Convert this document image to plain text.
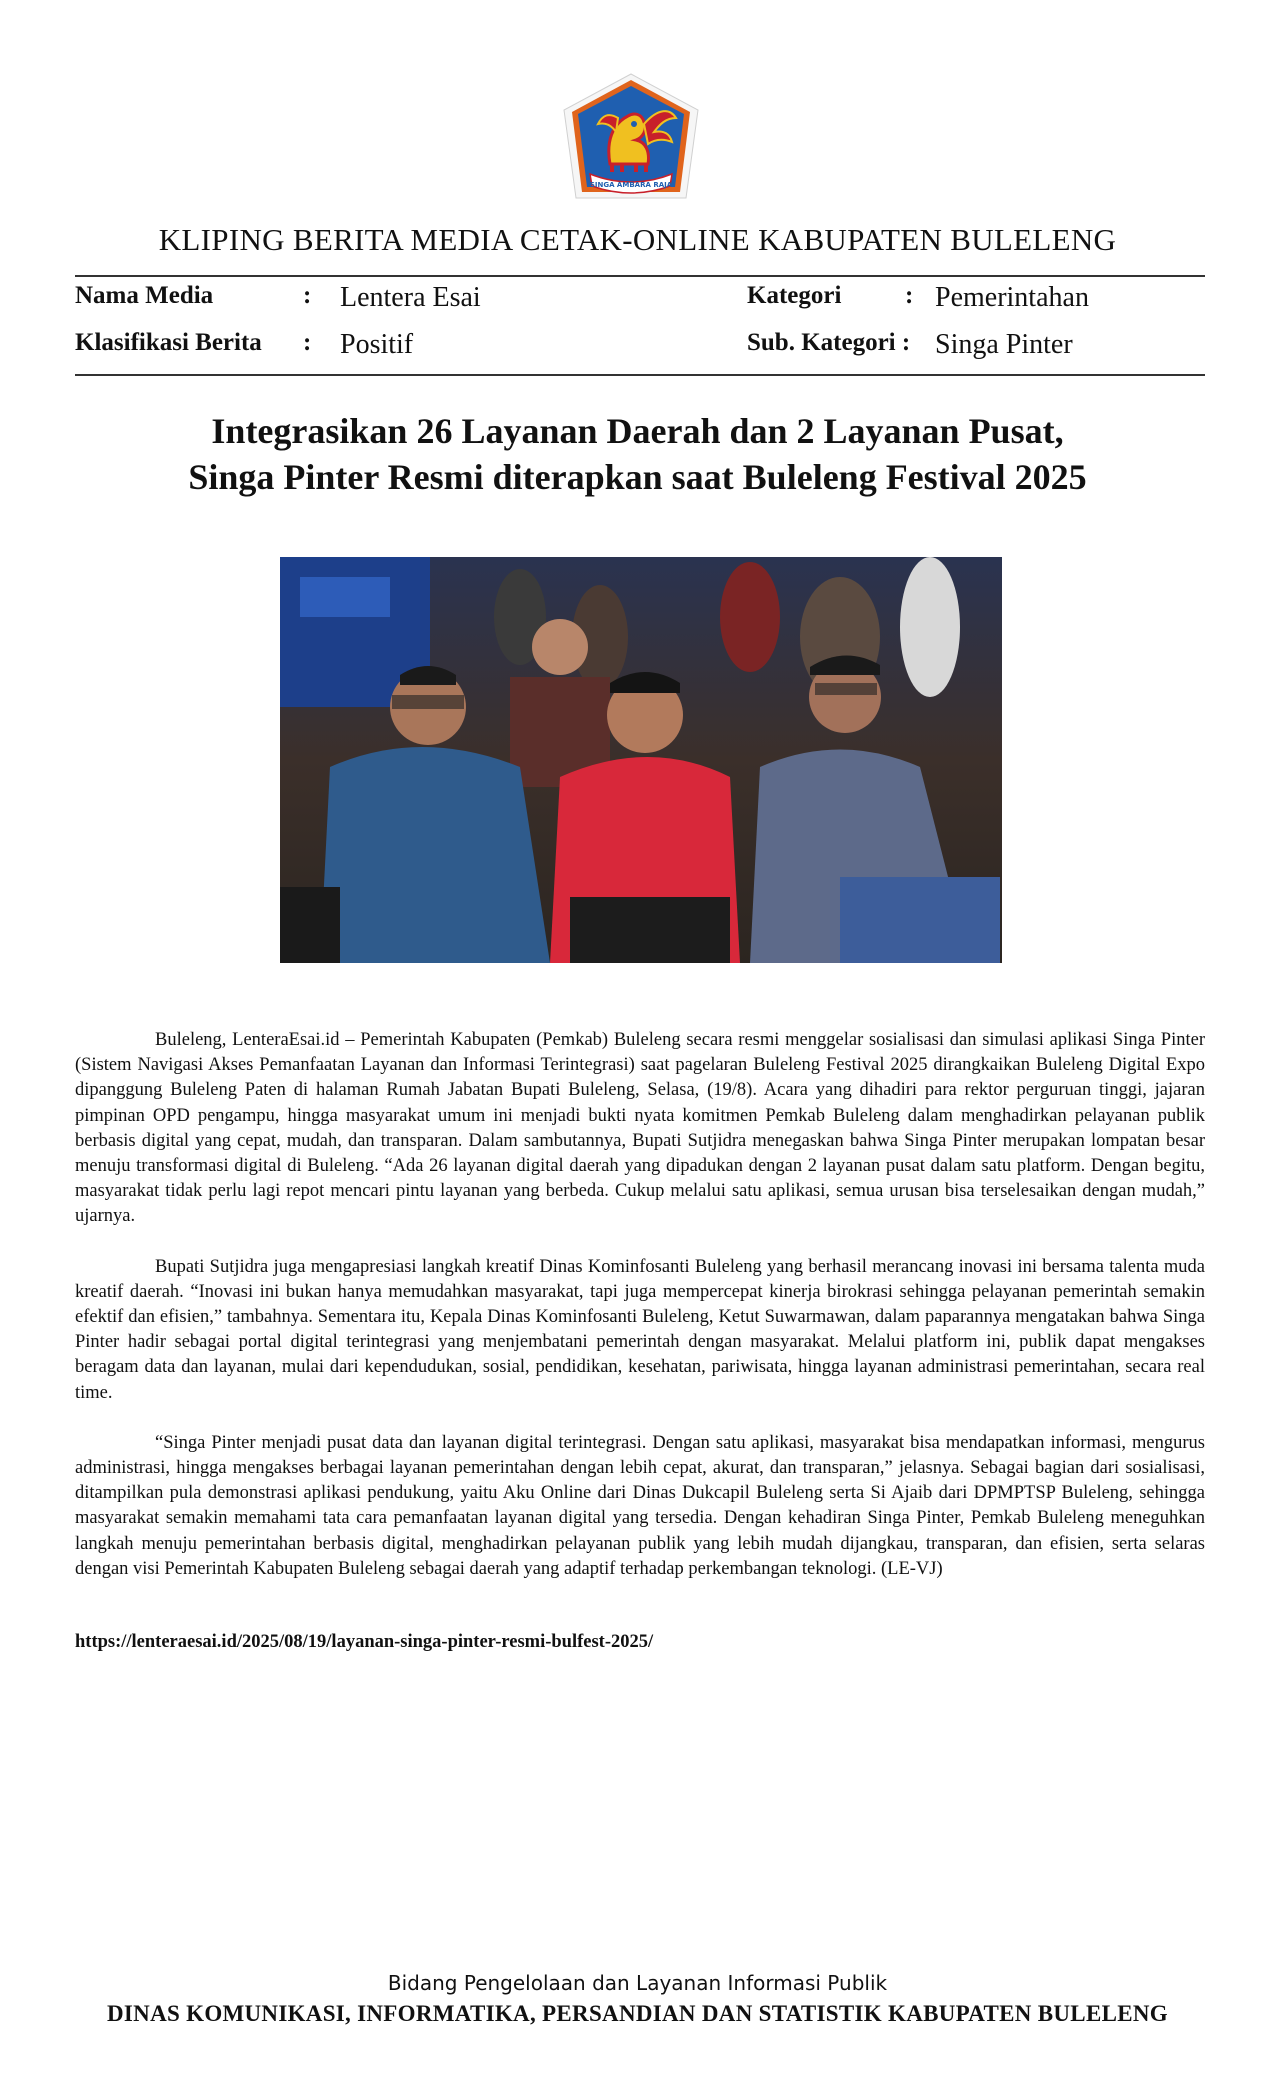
SINGA AMBARA RAJA
KLIPING BERITA MEDIA CETAK-ONLINE KABUPATEN BULELENG
Nama Media	: Lentera Esai	Kategori	: Pemerintahan
Klasifikasi Berita : Positif	Sub. Kategori : Singa Pinter
Integrasikan 26 Layanan Daerah dan 2 Layanan Pusat,
Singa Pinter Resmi diterapkan saat Buleleng Festival 2025

Buleleng, LenteraEsai.id – Pemerintah Kabupaten (Pemkab) Buleleng secara resmi menggelar sosialisasi dan simulasi aplikasi Singa Pinter (Sistem Navigasi Akses Pemanfaatan Layanan dan Informasi Terintegrasi) saat pagelaran Buleleng Festival 2025 dirangkaikan Buleleng Digital Expo dipanggung Buleleng Paten di halaman Rumah Jabatan Bupati Buleleng, Selasa, (19/8). Acara yang dihadiri para rektor perguruan tinggi, jajaran pimpinan OPD pengampu, hingga masyarakat umum ini menjadi bukti nyata komitmen Pemkab Buleleng dalam menghadirkan pelayanan publik berbasis digital yang cepat, mudah, dan transparan. Dalam sambutannya, Bupati Sutjidra menegaskan bahwa Singa Pinter merupakan lompatan besar menuju transformasi digital di Buleleng. “Ada 26 layanan digital daerah yang dipadukan dengan 2 layanan pusat dalam satu platform. Dengan begitu, masyarakat tidak perlu lagi repot mencari pintu layanan yang berbeda. Cukup melalui satu aplikasi, semua urusan bisa terselesaikan dengan mudah,” ujarnya.

Bupati Sutjidra juga mengapresiasi langkah kreatif Dinas Kominfosanti Buleleng yang berhasil merancang inovasi ini bersama talenta muda kreatif daerah. “Inovasi ini bukan hanya memudahkan masyarakat, tapi juga mempercepat kinerja birokrasi sehingga pelayanan pemerintah semakin efektif dan efisien,” tambahnya. Sementara itu, Kepala Dinas Kominfosanti Buleleng, Ketut Suwarmawan, dalam paparannya mengatakan bahwa Singa Pinter hadir sebagai portal digital terintegrasi yang menjembatani pemerintah dengan masyarakat. Melalui platform ini, publik dapat mengakses beragam data dan layanan, mulai dari kependudukan, sosial, pendidikan, kesehatan, pariwisata, hingga layanan administrasi pemerintahan, secara real time.

“Singa Pinter menjadi pusat data dan layanan digital terintegrasi. Dengan satu aplikasi, masyarakat bisa mendapatkan informasi, mengurus administrasi, hingga mengakses berbagai layanan pemerintahan dengan lebih cepat, akurat, dan transparan,” jelasnya. Sebagai bagian dari sosialisasi, ditampilkan pula demonstrasi aplikasi pendukung, yaitu Aku Online dari Dinas Dukcapil Buleleng serta Si Ajaib dari DPMPTSP Buleleng, sehingga masyarakat semakin memahami tata cara pemanfaatan layanan digital yang tersedia. Dengan kehadiran Singa Pinter, Pemkab Buleleng meneguhkan langkah menuju pemerintahan berbasis digital, menghadirkan pelayanan publik yang lebih mudah dijangkau, transparan, dan efisien, serta selaras dengan visi Pemerintah Kabupaten Buleleng sebagai daerah yang adaptif terhadap perkembangan teknologi. (LE-VJ)

https://lenteraesai.id/2025/08/19/layanan-singa-pinter-resmi-bulfest-2025/
Bidang Pengelolaan dan Layanan Informasi Publik
DINAS KOMUNIKASI, INFORMATIKA, PERSANDIAN DAN STATISTIK KABUPATEN BULELENG
